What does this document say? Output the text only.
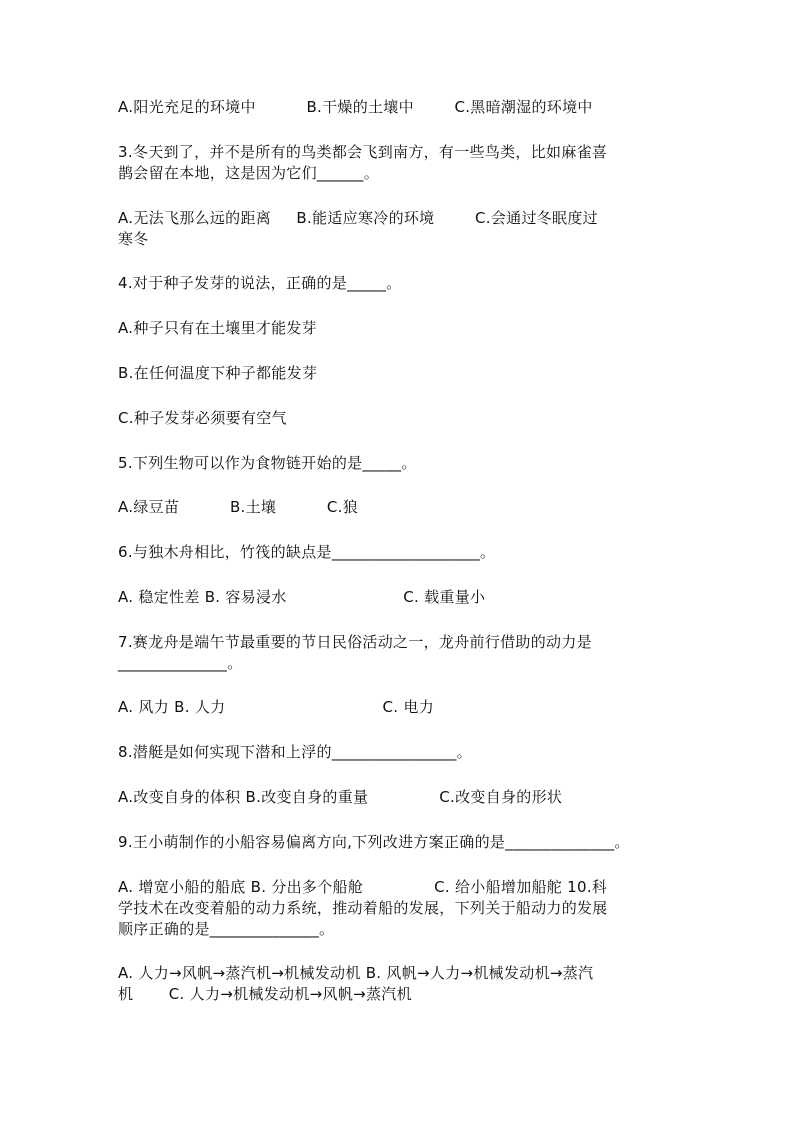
A.阳光充足的环境中          B.干燥的土壤中        C.黑暗潮湿的环境中
3.冬天到了，并不是所有的鸟类都会飞到南方，有一些鸟类，比如麻雀喜
鹊会留在本地，这是因为它们______。
A.无法飞那么远的距离     B.能适应寒冷的环境        C.会通过冬眠度过
寒冬
4.对于种子发芽的说法，正确的是_____。
A.种子只有在土壤里才能发芽
B.在任何温度下种子都能发芽
C.种子发芽必须要有空气
5.下列生物可以作为食物链开始的是_____。
A.绿豆苗          B.土壤          C.狼
6.与独木舟相比，竹筏的缺点是___________________。
A. 稳定性差 B. 容易浸水                       C. 载重量小
7.赛龙舟是端午节最重要的节日民俗活动之一，龙舟前行借助的动力是
______________。
A. 风力 B. 人力                               C. 电力
8.潜艇是如何实现下潜和上浮的________________。
A.改变自身的体积 B.改变自身的重量              C.改变自身的形状
9.王小萌制作的小船容易偏离方向,下列改进方案正确的是______________。
A. 增宽小船的船底 B. 分出多个船舱              C. 给小船增加船舵 10.科
学技术在改变着船的动力系统，推动着船的发展，下列关于船动力的发展
顺序正确的是______________。
A. 人力→风帆→蒸汽机→机械发动机 B. 风帆→人力→机械发动机→蒸汽
机       C. 人力→机械发动机→风帆→蒸汽机
